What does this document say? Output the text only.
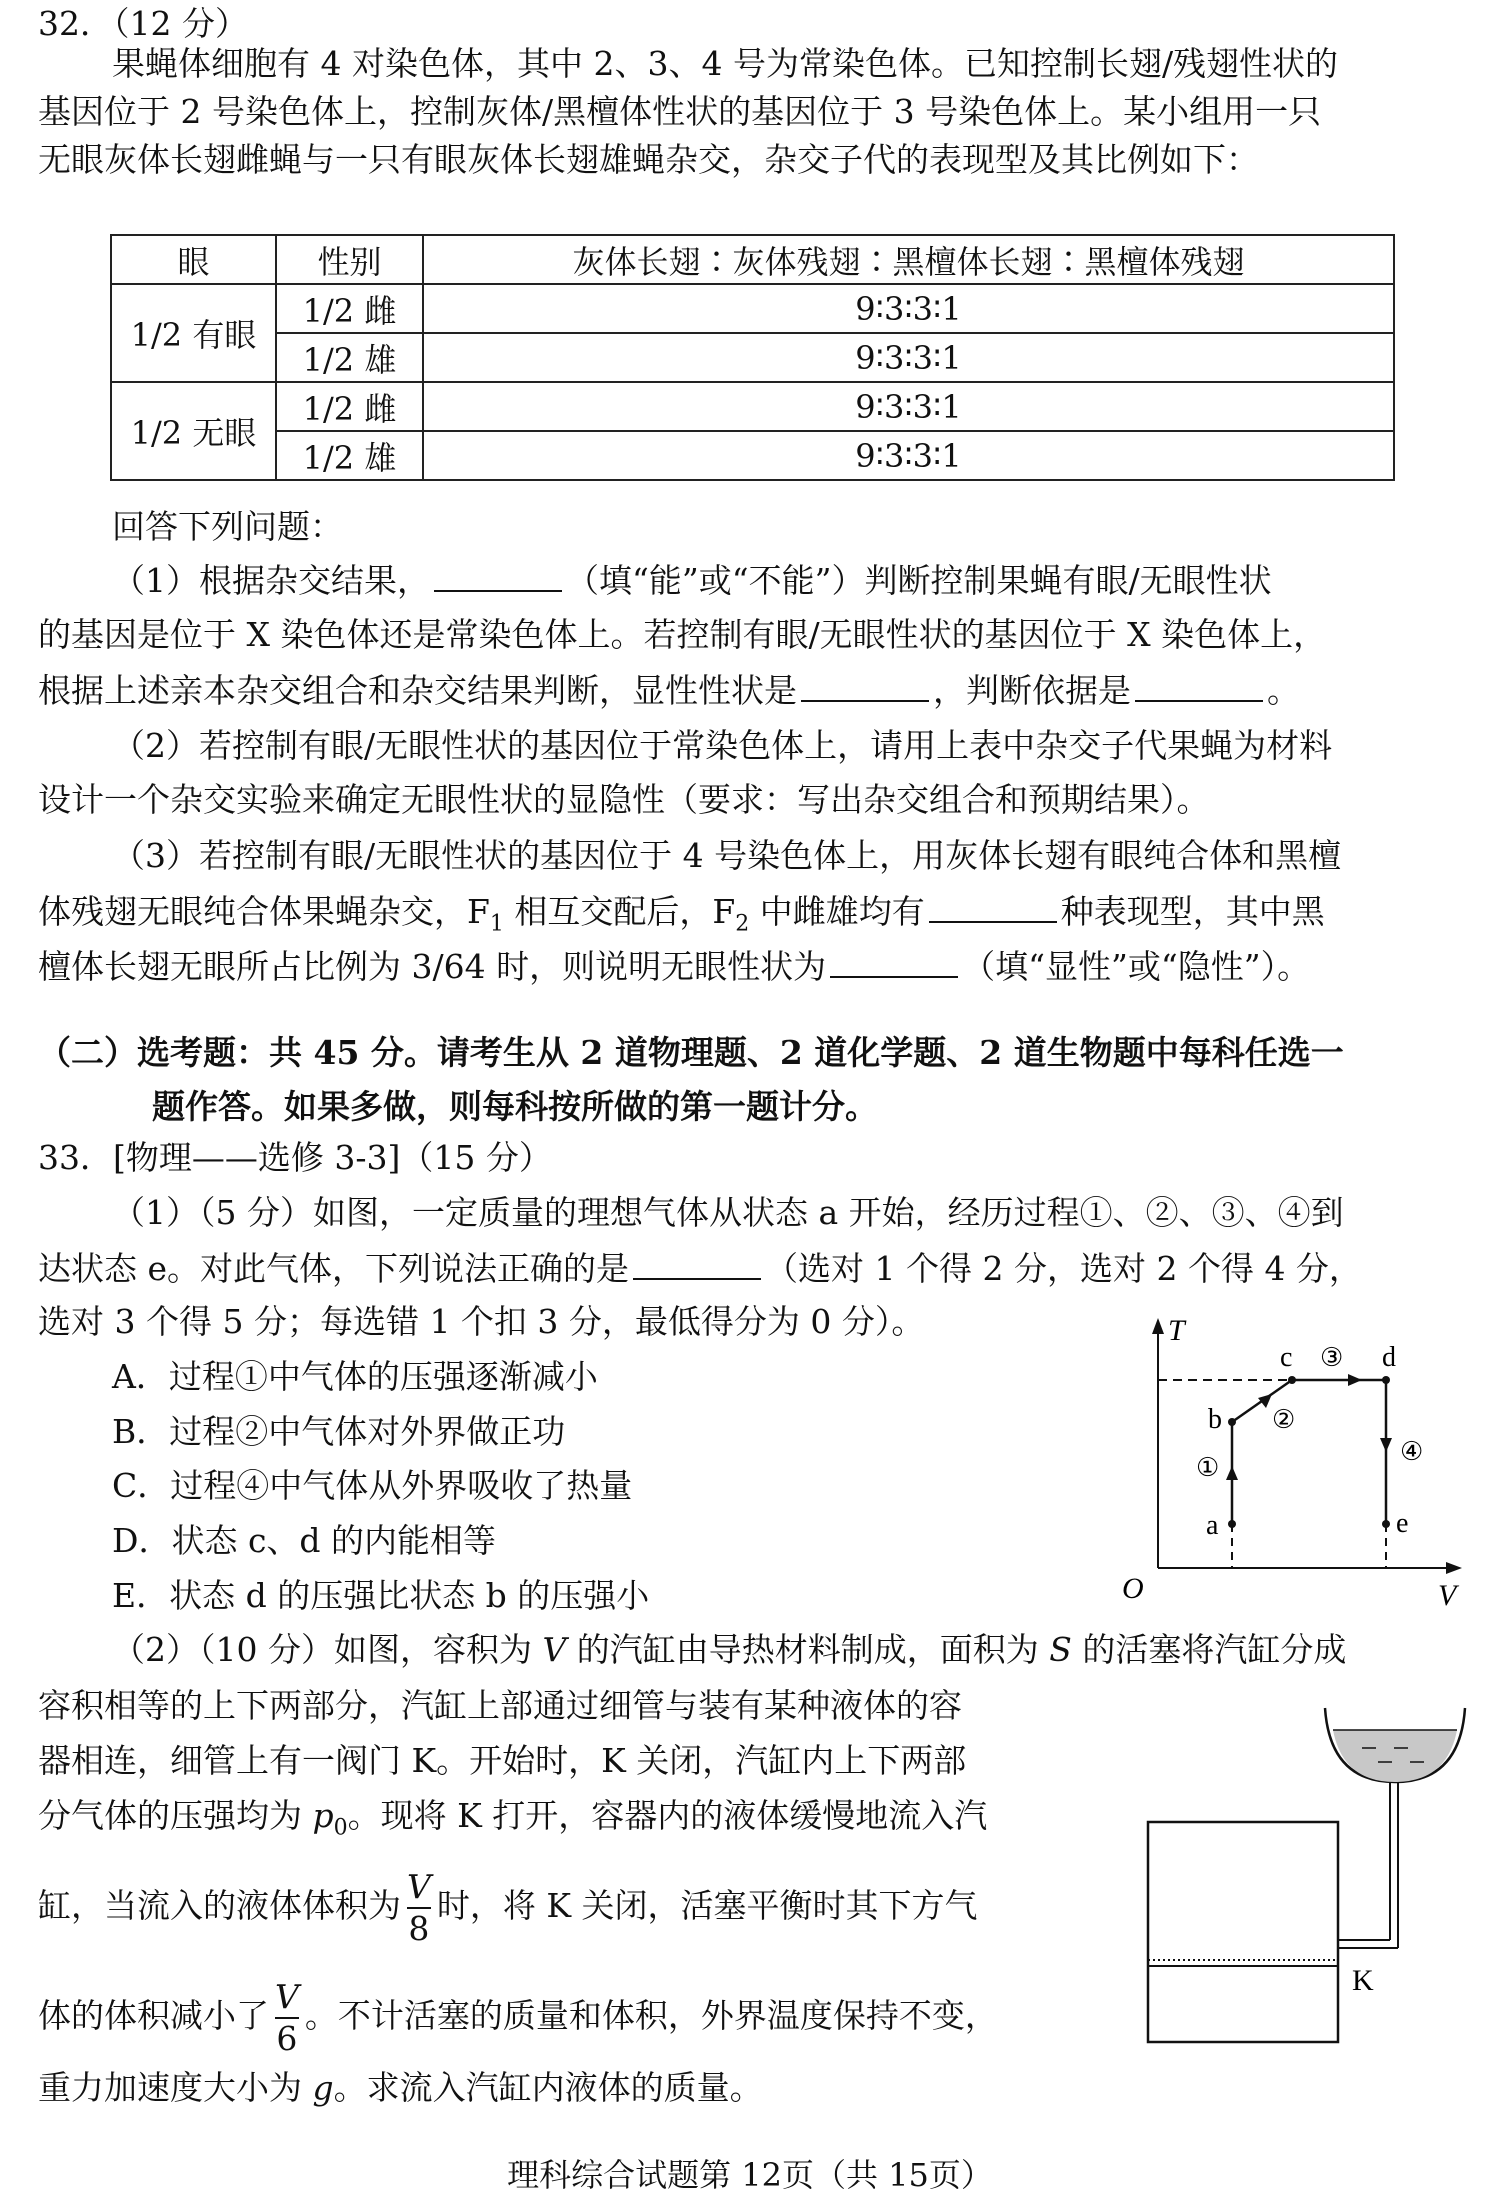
32．（12 分）
果蝇体细胞有 4 对染色体，其中 2、3、4 号为常染色体。已知控制长翅/残翅性状的
基因位于 2 号染色体上，控制灰体/黑檀体性状的基因位于 3 号染色体上。某小组用一只
无眼灰体长翅雌蝇与一只有眼灰体长翅雄蝇杂交，杂交子代的表现型及其比例如下：
眼	性别	灰体长翅∶灰体残翅∶黑檀体长翅∶黑檀体残翅
1/2 有眼	1/2 雌	9∶3∶3∶1
	1/2 雄	9∶3∶3∶1
1/2 无眼	1/2 雌	9∶3∶3∶1
	1/2 雄	9∶3∶3∶1
回答下列问题：
（1）根据杂交结果，	（填“能”或“不能”）判断控制果蝇有眼/无眼性状
的基因是位于 X 染色体还是常染色体上。若控制有眼/无眼性状的基因位于 X 染色体上，
根据上述亲本杂交组合和杂交结果判断，显性性状是	，判断依据是	。
（2）若控制有眼/无眼性状的基因位于常染色体上，请用上表中杂交子代果蝇为材料
设计一个杂交实验来确定无眼性状的显隐性（要求：写出杂交组合和预期结果）。
（3）若控制有眼/无眼性状的基因位于 4 号染色体上，用灰体长翅有眼纯合体和黑檀
体残翅无眼纯合体果蝇杂交，$F_1$ 相互交配后，$F_2$ 中雌雄均有	种表现型，其中黑
檀体长翅无眼所占比例为 3/64 时，则说明无眼性状为	（填“显性”或“隐性”）。
（二）选考题：共 45 分。请考生从 2 道物理题、2 道化学题、2 道生物题中每科任选一
题作答。如果多做，则每科按所做的第一题计分。
33．[物理——选修 3-3]（15 分）
（1）（5 分）如图，一定质量的理想气体从状态 a 开始，经历过程①、②、③、④到
达状态 e。对此气体，下列说法正确的是	（选对 1 个得 2 分，选对 2 个得 4 分，
选对 3 个得 5 分；每选错 1 个扣 3 分，最低得分为 0 分）。
A．过程①中气体的压强逐渐减小
B．过程②中气体对外界做正功
C．过程④中气体从外界吸收了热量
D．状态 c、d 的内能相等
E．状态 d 的压强比状态 b 的压强小
T
V
O
a
b
c	d
e
①
②
③
④
（2）（10 分）如图，容积为 V 的汽缸由导热材料制成，面积为 S 的活塞将汽缸分成
容积相等的上下两部分，汽缸上部通过细管与装有某种液体的容
器相连，细管上有一阀门 K。开始时，K 关闭，汽缸内上下两部
分气体的压强均为 $p_0$。现将 K 打开，容器内的液体缓慢地流入汽
缸，当流入的液体体积为 $\frac{V}{8}$ 时，将 K 关闭，活塞平衡时其下方气
体的体积减小了 $\frac{V}{6}$ 。不计活塞的质量和体积，外界温度保持不变，
重力加速度大小为 g。求流入汽缸内液体的质量。
K
理科综合试题第 12页（共 15页）
